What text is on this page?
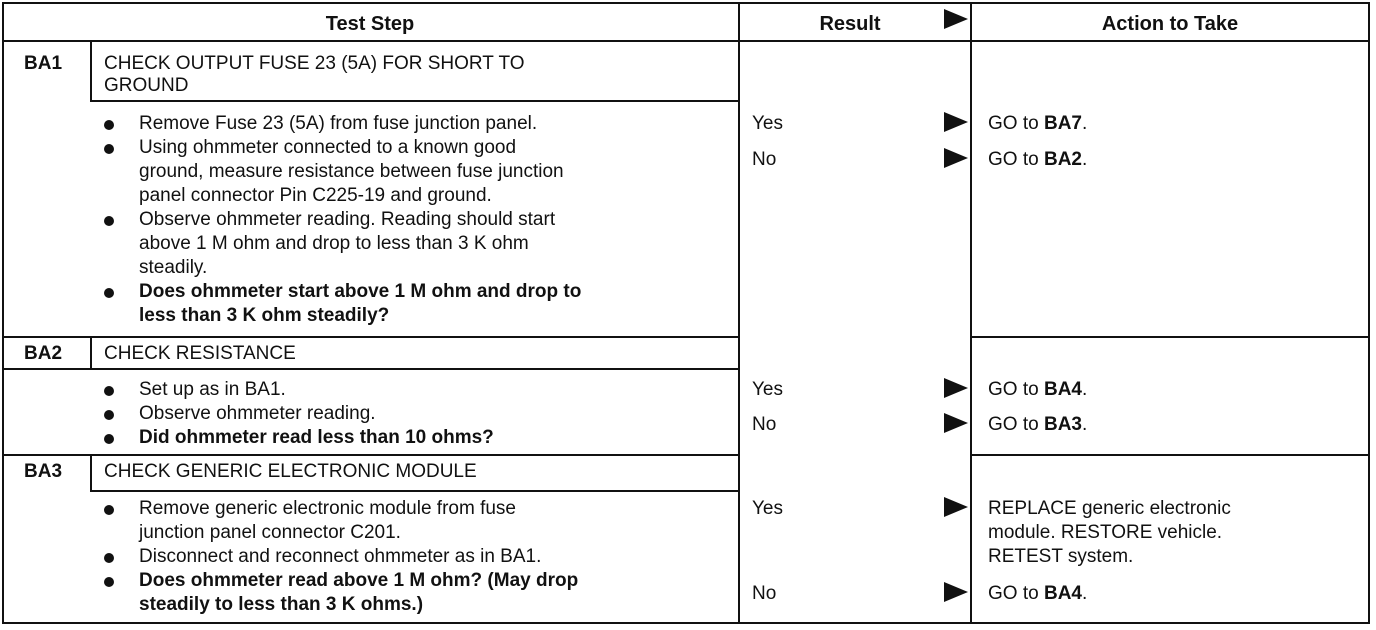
Test Step	Result	Action to Take
BA1 CHECK OUTPUT FUSE 23 (5A) FOR SHORT TO
GROUND
Remove Fuse 23 (5A) from fuse junction panel.
Using ohmmeter connected to a known good
ground, measure resistance between fuse junction
panel connector Pin C225-19 and ground.
Observe ohmmeter reading. Reading should start
above 1 M ohm and drop to less than 3 K ohm
steadily.
Does ohmmeter start above 1 M ohm and drop to
less than 3 K ohm steadily?
Yes	GO to BA7.
No	GO to BA2.
BA2 CHECK RESISTANCE
Set up as in BA1.
Observe ohmmeter reading.
Did ohmmeter read less than 10 ohms?
Yes	GO to BA4.
No	GO to BA3.
BA3 CHECK GENERIC ELECTRONIC MODULE
Remove generic electronic module from fuse
junction panel connector C201.
Disconnect and reconnect ohmmeter as in BA1.
Does ohmmeter read above 1 M ohm? (May drop
steadily to less than 3 K ohms.)
Yes	REPLACE generic electronic
module. RESTORE vehicle.
RETEST system.
No	GO to BA4.
